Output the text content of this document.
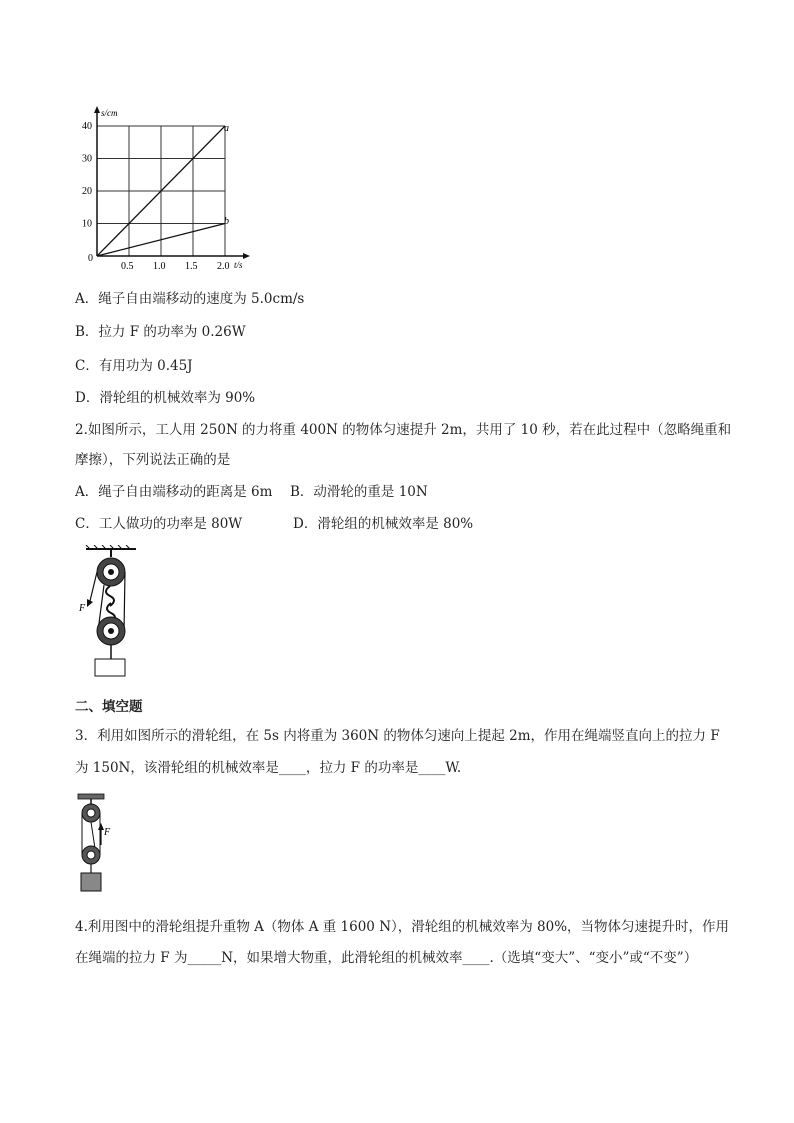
s/cm
t/s
0
10
20
30
40
0.5 1.0 1.5 2.0
a
b
A．绳子自由端移动的速度为 5.0cm/s
B．拉力 F 的功率为 0.26W
C．有用功为 0.45J
D．滑轮组的机械效率为 90%
2.如图所示，工人用 250N 的力将重 400N 的物体匀速提升 2m，共用了 10 秒，若在此过程中（忽略绳重和
摩擦），下列说法正确的是
A．绳子自由端移动的距离是 6m B．动滑轮的重是 10N
C．工人做功的功率是 80W	D．滑轮组的机械效率是 80%
F
二、填空题
3．利用如图所示的滑轮组，在 5s 内将重为 360N 的物体匀速向上提起 2m，作用在绳端竖直向上的拉力 F
为 150N，该滑轮组的机械效率是____，拉力 F 的功率是____W.
F
4.利用图中的滑轮组提升重物 A（物体 A 重 1600 N），滑轮组的机械效率为 80%，当物体匀速提升时，作用
在绳端的拉力 F 为_____N，如果增大物重，此滑轮组的机械效率____.（选填“变大”、“变小”或“不变”）
